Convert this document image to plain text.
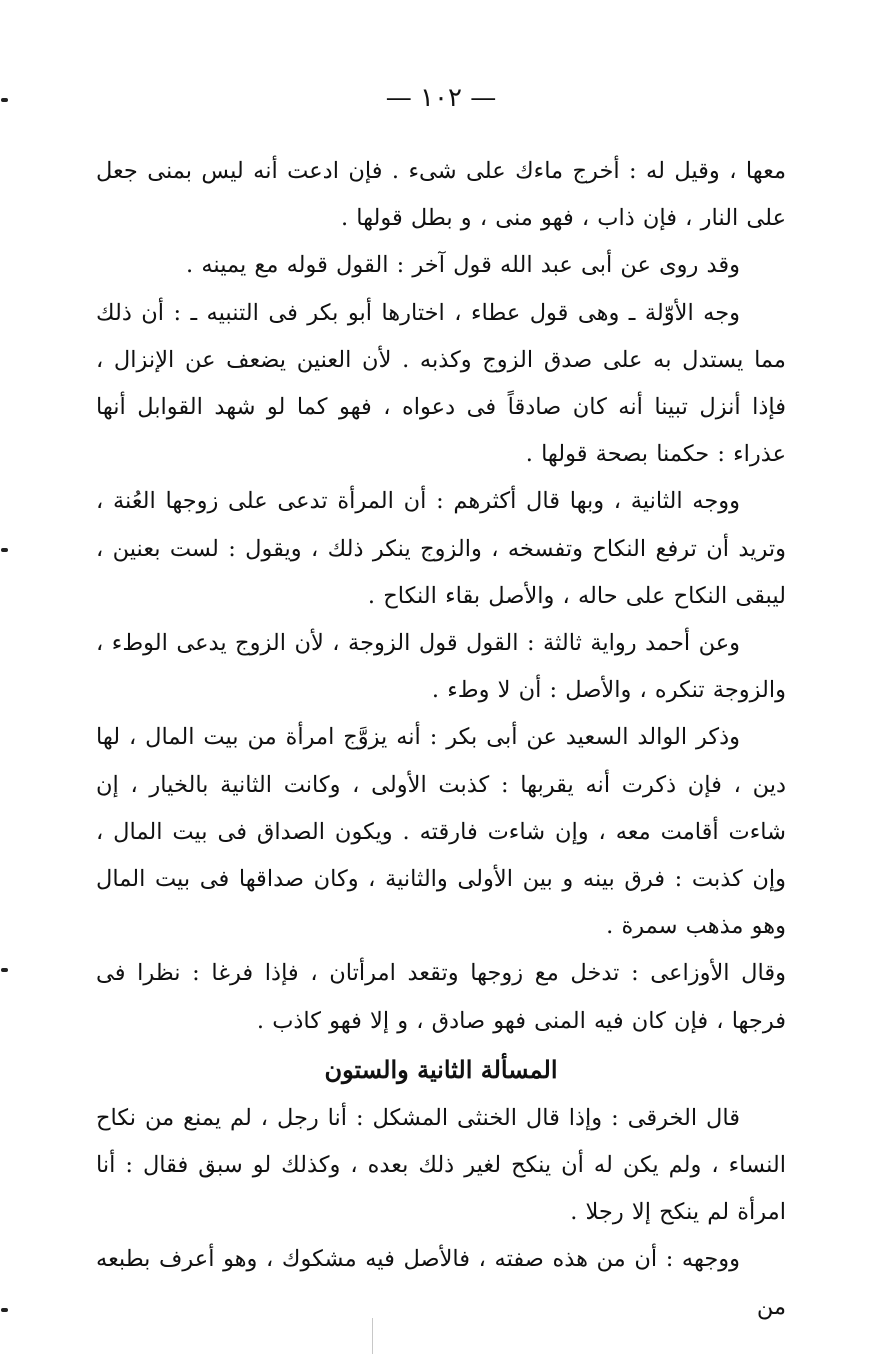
— ١٠٢ —

معها ، وقيل له : أخرج ماءك على شىء . فإن ادعت أنه ليس بمنى جعل على النار ، فإن ذاب ، فهو منى ، و بطل قولها .

وقد روى عن أبى عبد الله قول آخر : القول قوله مع يمينه .

وجه الأوّلة ـ وهى قول عطاء ، اختارها أبو بكر فى التنبيه ـ : أن ذلك مما يستدل به على صدق الزوج وكذبه . لأن العنين يضعف عن الإنزال ، فإذا أنزل تبينا أنه كان صادقاً فى دعواه ، فهو كما لو شهد القوابل أنها عذراء : حكمنا بصحة قولها .

ووجه الثانية ، وبها قال أكثرهم : أن المرأة تدعى على زوجها العُنة ، وتريد أن ترفع النكاح وتفسخه ، والزوج ينكر ذلك ، ويقول : لست بعنين ، ليبقى النكاح على حاله ، والأصل بقاء النكاح .

وعن أحمد رواية ثالثة : القول قول الزوجة ، لأن الزوج يدعى الوطء ، والزوجة تنكره ، والأصل : أن لا وطء .

وذكر الوالد السعيد عن أبى بكر : أنه يزوَّج امرأة من بيت المال ، لها دين ، فإن ذكرت أنه يقربها : كذبت الأولى ، وكانت الثانية بالخيار ، إن شاءت أقامت معه ، وإن شاءت فارقته . ويكون الصداق فى بيت المال ، وإن كذبت : فرق بينه و بين الأولى والثانية ، وكان صداقها فى بيت المال وهو مذهب سمرة .

وقال الأوزاعى : تدخل مع زوجها وتقعد امرأتان ، فإذا فرغا : نظرا فى فرجها ، فإن كان فيه المنى فهو صادق ، و إلا فهو كاذب .

المسألة الثانية والستون

قال الخرقى : وإذا قال الخنثى المشكل : أنا رجل ، لم يمنع من نكاح النساء ، ولم يكن له أن ينكح لغير ذلك بعده ، وكذلك لو سبق فقال : أنا امرأة لم ينكح إلا رجلا .

ووجهه : أن من هذه صفته ، فالأصل فيه مشكوك ، وهو أعرف بطبعه من
